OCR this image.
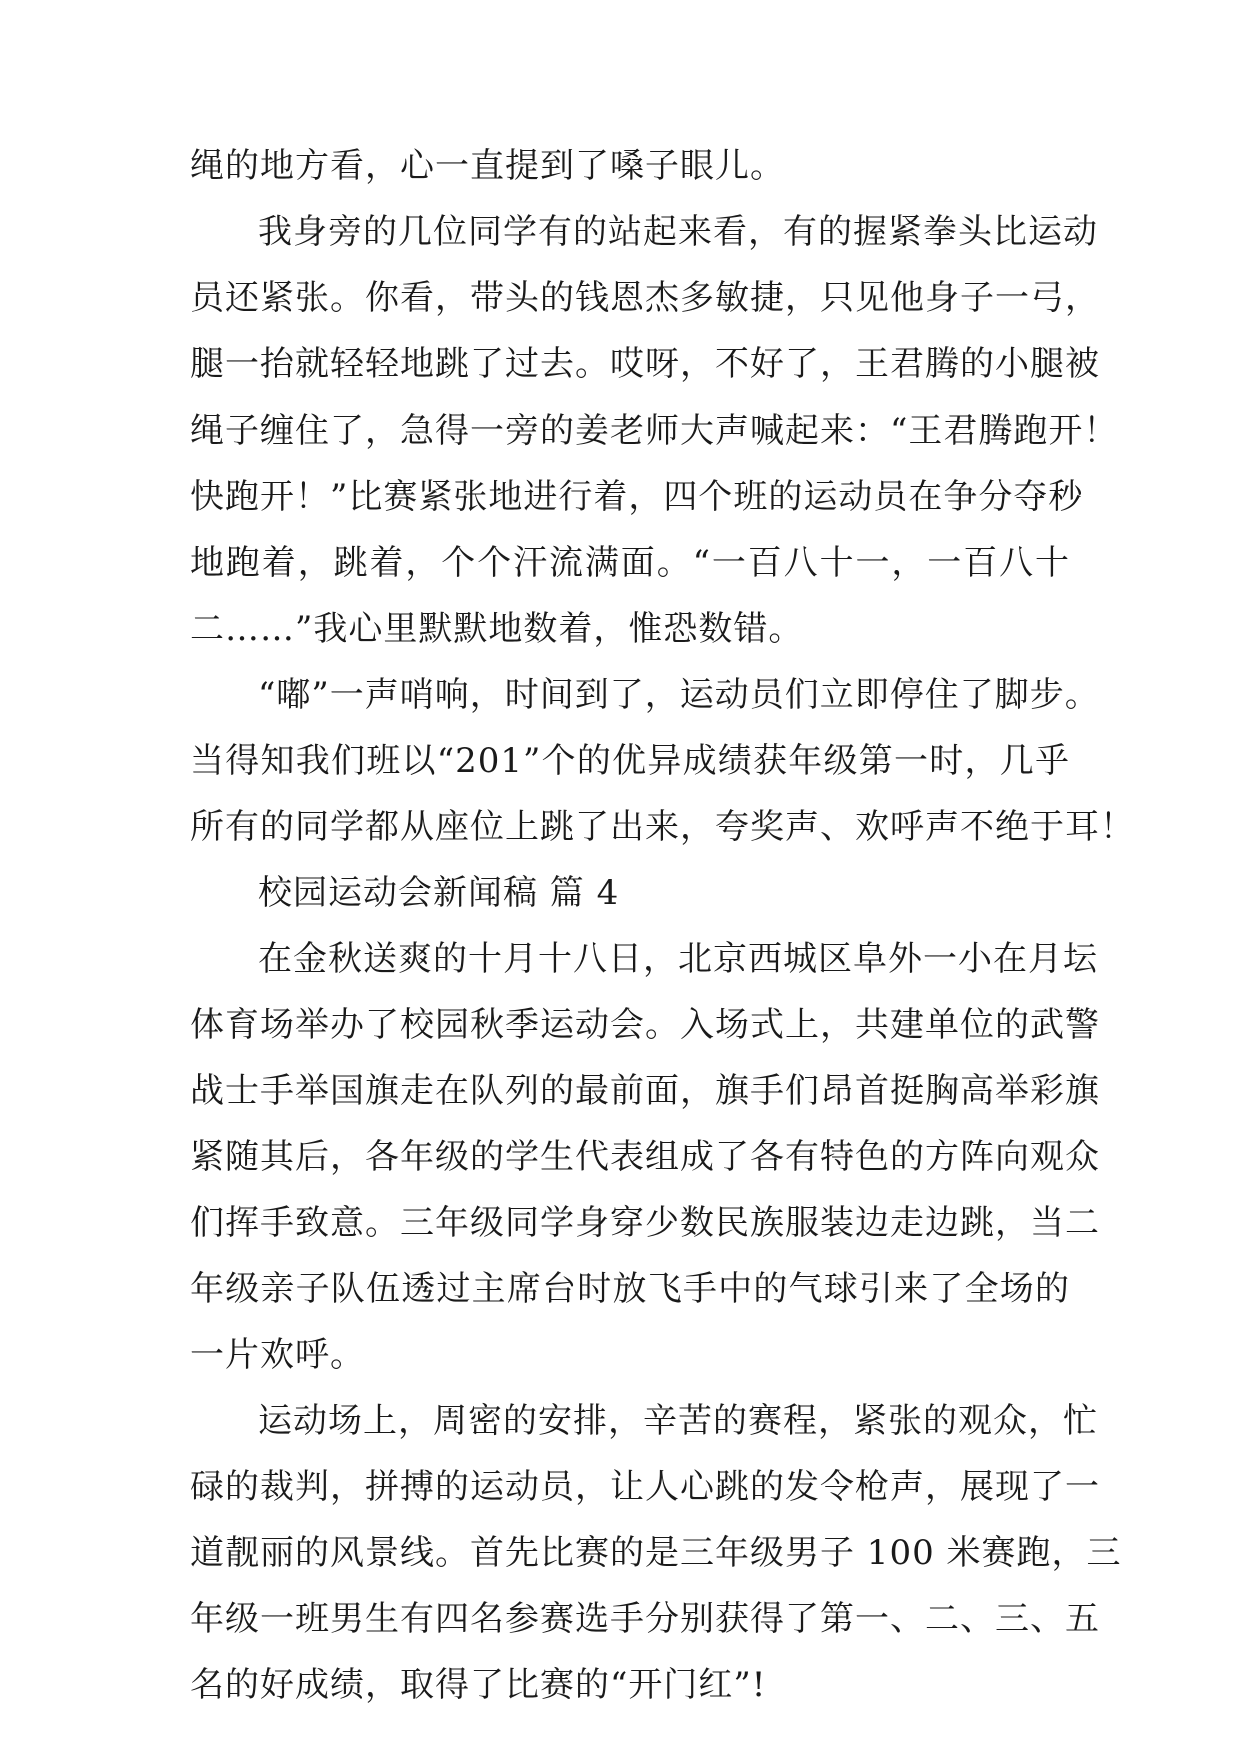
绳的地方看，心一直提到了嗓子眼儿。
我身旁的几位同学有的站起来看，有的握紧拳头比运动
员还紧张。你看，带头的钱恩杰多敏捷，只见他身子一弓，
腿一抬就轻轻地跳了过去。哎呀，不好了，王君腾的小腿被
绳子缠住了，急得一旁的姜老师大声喊起来：“王君腾跑开！
快跑开！”比赛紧张地进行着，四个班的运动员在争分夺秒
地跑着，跳着，个个汗流满面。“一百八十一，一百八十
二……”我心里默默地数着，惟恐数错。
“嘟”一声哨响，时间到了，运动员们立即停住了脚步。
当得知我们班以“201”个的优异成绩获年级第一时，几乎
所有的同学都从座位上跳了出来，夸奖声、欢呼声不绝于耳！
校园运动会新闻稿 篇 4
在金秋送爽的十月十八日，北京西城区阜外一小在月坛
体育场举办了校园秋季运动会。入场式上，共建单位的武警
战士手举国旗走在队列的最前面，旗手们昂首挺胸高举彩旗
紧随其后，各年级的学生代表组成了各有特色的方阵向观众
们挥手致意。三年级同学身穿少数民族服装边走边跳，当二
年级亲子队伍透过主席台时放飞手中的气球引来了全场的
一片欢呼。
运动场上，周密的安排，辛苦的赛程，紧张的观众，忙
碌的裁判，拼搏的运动员，让人心跳的发令枪声，展现了一
道靓丽的风景线。首先比赛的是三年级男子 100 米赛跑，三
年级一班男生有四名参赛选手分别获得了第一、二、三、五
名的好成绩，取得了比赛的“开门红”!
